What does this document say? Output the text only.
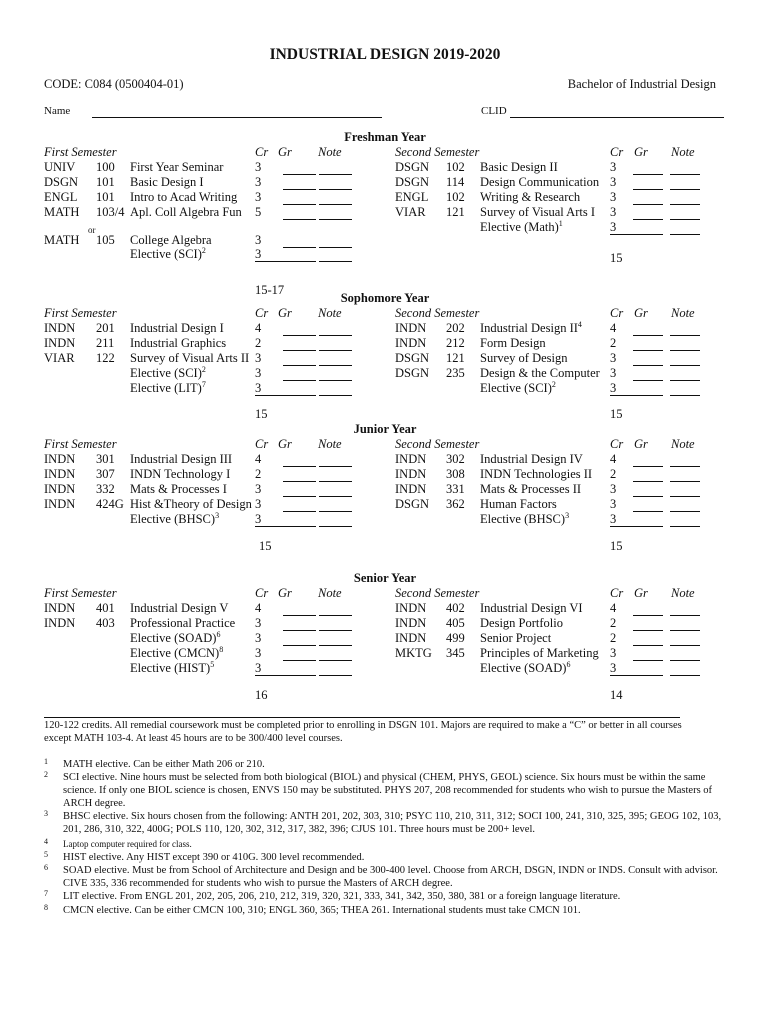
INDUSTRIAL DESIGN 2019-2020
CODE: C084 (0500404-01)	Bachelor of Industrial Design
Name	CLID
Freshman Year
First Semester	Cr Gr Note
UNIV 100 First Year Seminar	3
DSGN 101 Basic Design I	3
ENGL 101 Intro to Acad Writing 3
MATH 103/4 Apl. Coll Algebra Fun 5
or
MATH 105 College Algebra	3
Elective (SCI)$^2$	3
15-17
Second Semester	Cr Gr Note
DSGN 102 Basic Design II	3
DSGN 114 Design Communication 3
ENGL 102 Writing & Research 3
VIAR 121 Survey of Visual Arts I 3
Elective (Math)$^1$	3
15
Sophomore Year
First Semester	Cr Gr Note
INDN 201 Industrial Design I	4
INDN 211 Industrial Graphics 2
VIAR 122 Survey of Visual Arts II 3
Elective (SCI)$^2$	3
Elective (LIT)$^7$	3
15
Second Semester	Cr Gr Note
INDN 202 Industrial Design $II^4$ 4
INDN 212 Form Design	2
DSGN 121 Survey of Design	3
DSGN 235 Design & the Computer 3
Elective (SCI)$^2$	3
15
Junior Year
First Semester	Cr Gr Note
INDN 301 Industrial Design III 4
INDN 307 INDN Technology I 2
INDN 332 Mats & Processes I 3
INDN 424G Hist &Theory of Design 3
Elective (BHSC)$^3$	3
15
Second Semester	Cr Gr Note
INDN 302 Industrial Design IV 4
INDN 308 INDN Technologies II 2
INDN 331 Mats & Processes II 3
DSGN 362 Human Factors	3
Elective (BHSC)$^3$	3
15
Senior Year
First Semester	Cr Gr Note
INDN 401 Industrial Design V 4
INDN 403 Professional Practice 3
Elective (SOAD)$^6$	3
Elective (CMCN)$^8$	3
Elective (HIST)$^5$	3
16
Second Semester	Cr Gr Note
INDN 402 Industrial Design VI 4
INDN 405 Design Portfolio	2
INDN 499 Senior Project	2
MKTG 345 Principles of Marketing 3
Elective (SOAD)$^6$	3
14
120-122 credits. All remedial coursework must be completed prior to enrolling in DSGN 101. Majors are required to make a “C” or better in all courses except MATH 103-4. At least 45 hours are to be 300/400 level courses.
1 MATH elective. Can be either Math 206 or 210.
2 SCI elective. Nine hours must be selected from both biological (BIOL) and physical (CHEM, PHYS, GEOL) science. Six hours must be within the same science. If only one BIOL science is chosen, ENVS 150 may be substituted. PHYS 207, 208 recommended for students who wish to pursue the Masters of ARCH degree.
3 BHSC elective. Six hours chosen from the following: ANTH 201, 202, 303, 310; PSYC 110, 210, 311, 312; SOCI 100, 241, 310, 325, 395; GEOG 102, 103, 201, 286, 310, 322, 400G; POLS 110, 120, 302, 312, 317, 382, 396; CJUS 101. Three hours must be 200+ level.
4 Laptop computer required for class.
5 HIST elective. Any HIST except 390 or 410G. 300 level recommended.
6 SOAD elective. Must be from School of Architecture and Design and be 300-400 level. Choose from ARCH, DSGN, INDN or INDS. Consult with advisor. CIVE 335, 336 recommended for students who wish to pursue the Masters of ARCH degree.
7 LIT elective. From ENGL 201, 202, 205, 206, 210, 212, 319, 320, 321, 333, 341, 342, 350, 380, 381 or a foreign language literature.
8 CMCN elective. Can be either CMCN 100, 310; ENGL 360, 365; THEA 261. International students must take CMCN 101.
